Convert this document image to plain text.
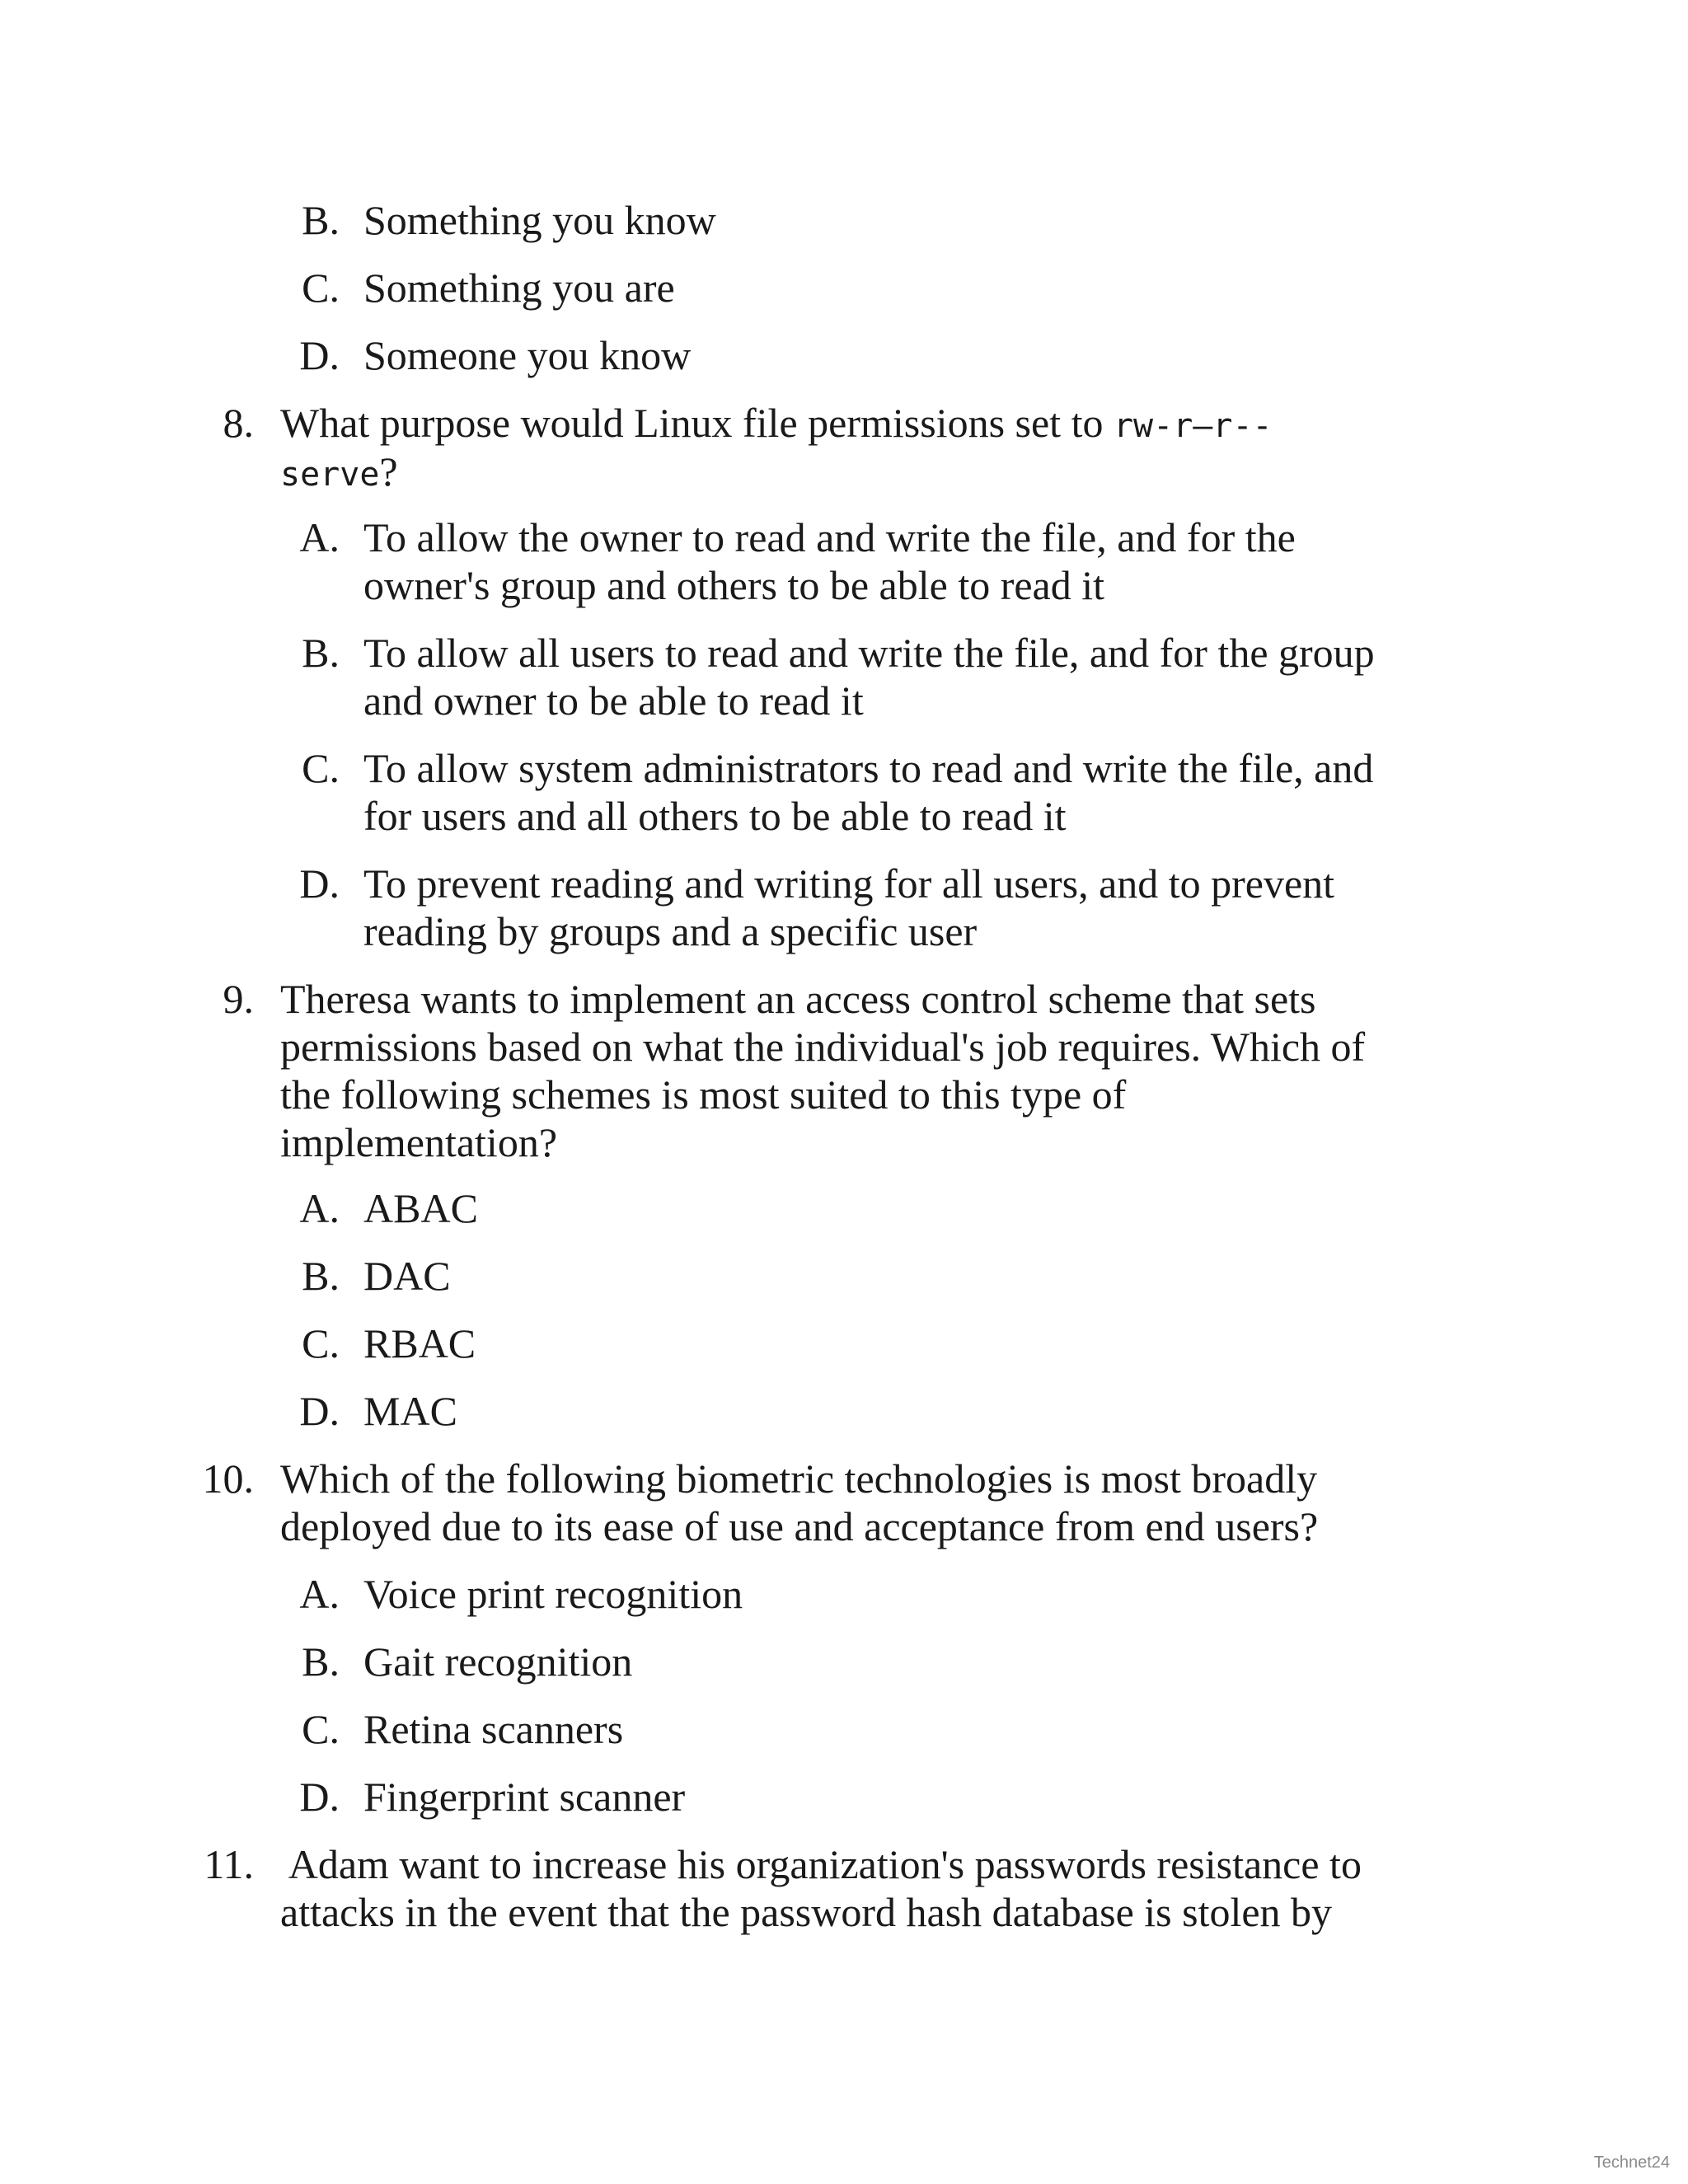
B. Something you know
C. Something you are
D. Someone you know
8. What purpose would Linux file permissions set to rw-r—r--
serve?
A. To allow the owner to read and write the file, and for the
owner's group and others to be able to read it
B. To allow all users to read and write the file, and for the group
and owner to be able to read it
C. To allow system administrators to read and write the file, and
for users and all others to be able to read it
D. To prevent reading and writing for all users, and to prevent
reading by groups and a specific user
9. Theresa wants to implement an access control scheme that sets
permissions based on what the individual's job requires. Which of
the following schemes is most suited to this type of
implementation?
A. ABAC
B. DAC
C. RBAC
D. MAC
10. Which of the following biometric technologies is most broadly
deployed due to its ease of use and acceptance from end users?
A. Voice print recognition
B. Gait recognition
C. Retina scanners
D. Fingerprint scanner
11. Adam want to increase his organization's passwords resistance to
attacks in the event that the password hash database is stolen by
Technet24
